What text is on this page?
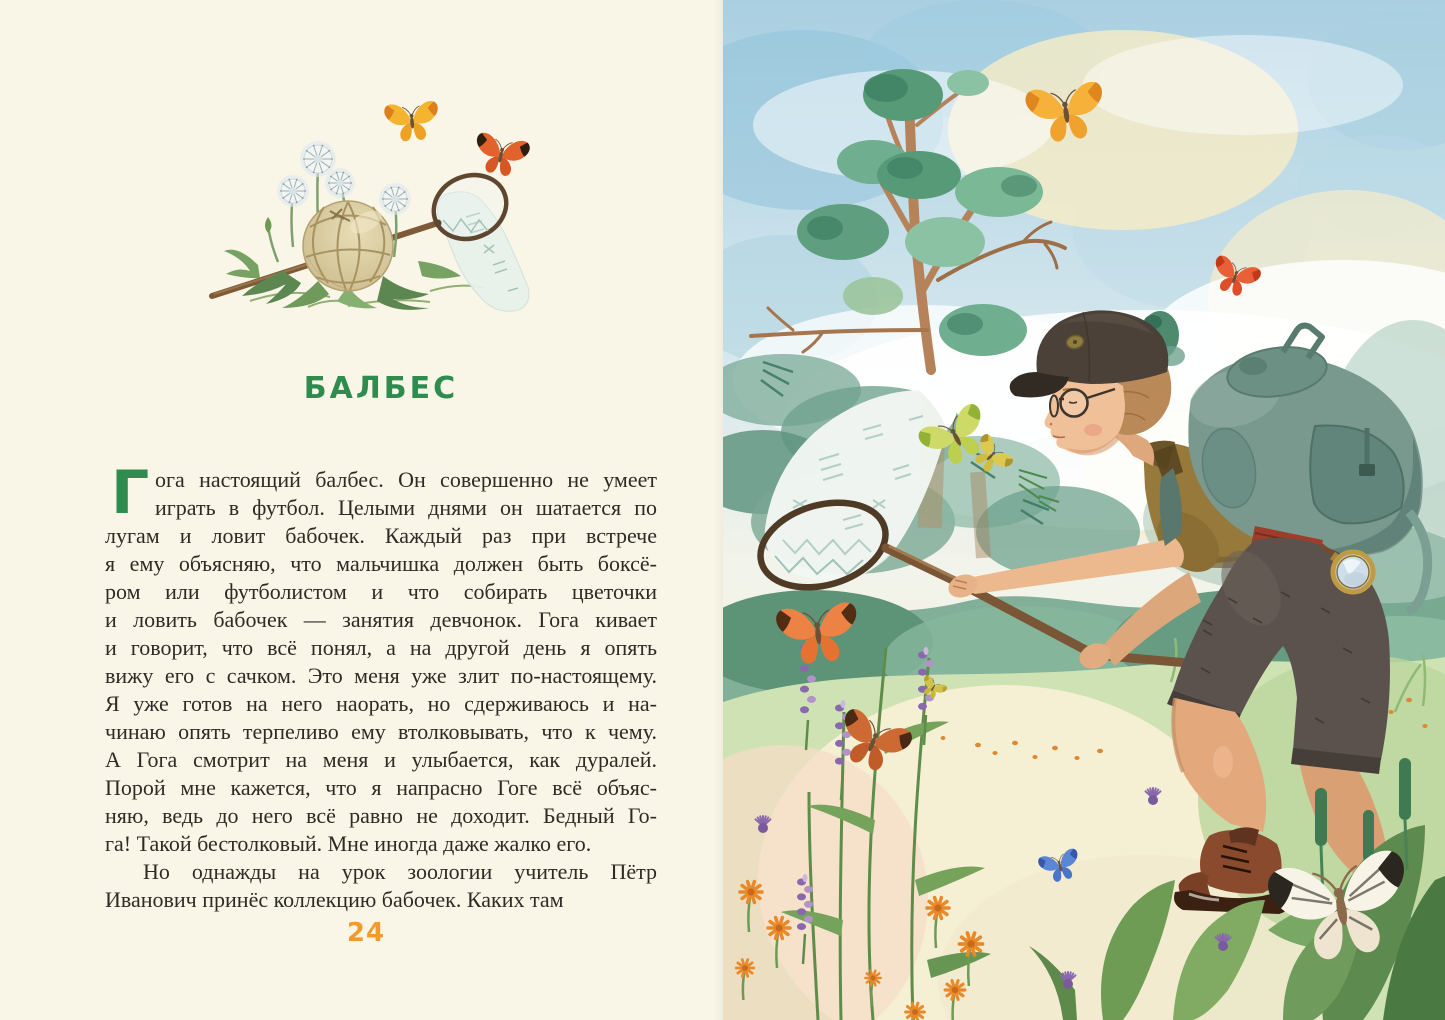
БАЛБЕС
Г ога настоящий балбес. Он совершенно не умеет
играть в футбол. Целыми днями он шатается по
лугам и ловит бабочек. Каждый раз при встрече
я ему объясняю, что мальчишка должен быть боксё-
ром или футболистом и что собирать цветочки
и ловить бабочек — занятия девчонок. Гога кивает
и говорит, что всё понял, а на другой день я опять
вижу его с сачком. Это меня уже злит по-настоящему.
Я уже готов на него наорать, но сдерживаюсь и на-
чинаю опять терпеливо ему втолковывать, что к чему.
А Гога смотрит на меня и улыбается, как дуралей.
Порой мне кажется, что я напрасно Гоге всё объяс-
няю, ведь до него всё равно не доходит. Бедный Го-
га! Такой бестолковый. Мне иногда даже жалко его.
Но однажды на урок зоологии учитель Пётр
Иванович принёс коллекцию бабочек. Каких там
24
